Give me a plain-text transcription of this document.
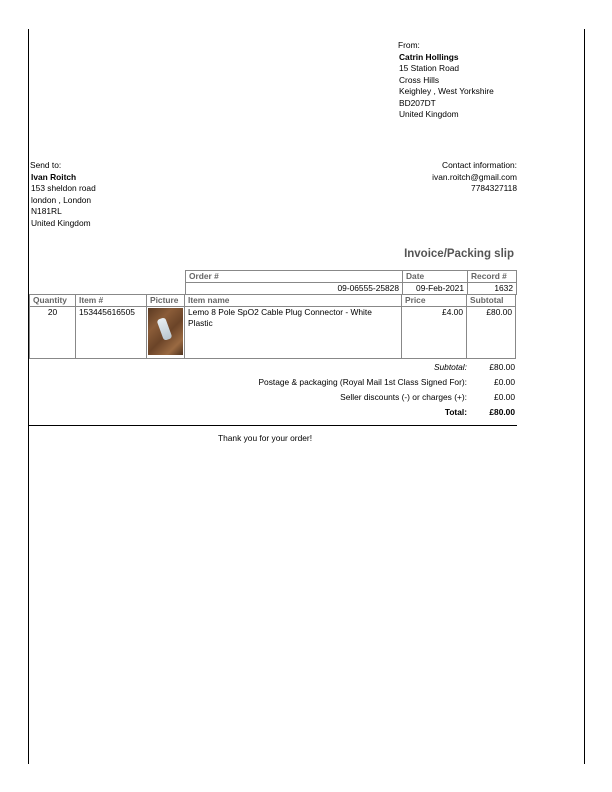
From:
Catrin Hollings
15 Station Road
Cross Hills
Keighley , West Yorkshire
BD207DT
United Kingdom
Send to:
Ivan Roitch
153 sheldon road
london , London
N181RL
United Kingdom
Contact information:
ivan.roitch@gmail.com
7784327118
Invoice/Packing slip
Order #	Date	Record #
09-06555-25828	09-Feb-2021	1632
Quantity	Item #	Picture	Item name	Price	Subtotal
20	153445616505		Lemo 8 Pole SpO2 Cable Plug Connector - White Plastic	£4.00	£80.00
Subtotal:	£80.00
Postage & packaging (Royal Mail 1st Class Signed For):	£0.00
Seller discounts (-) or charges (+):	£0.00
Total:	£80.00
Thank you for your order!
